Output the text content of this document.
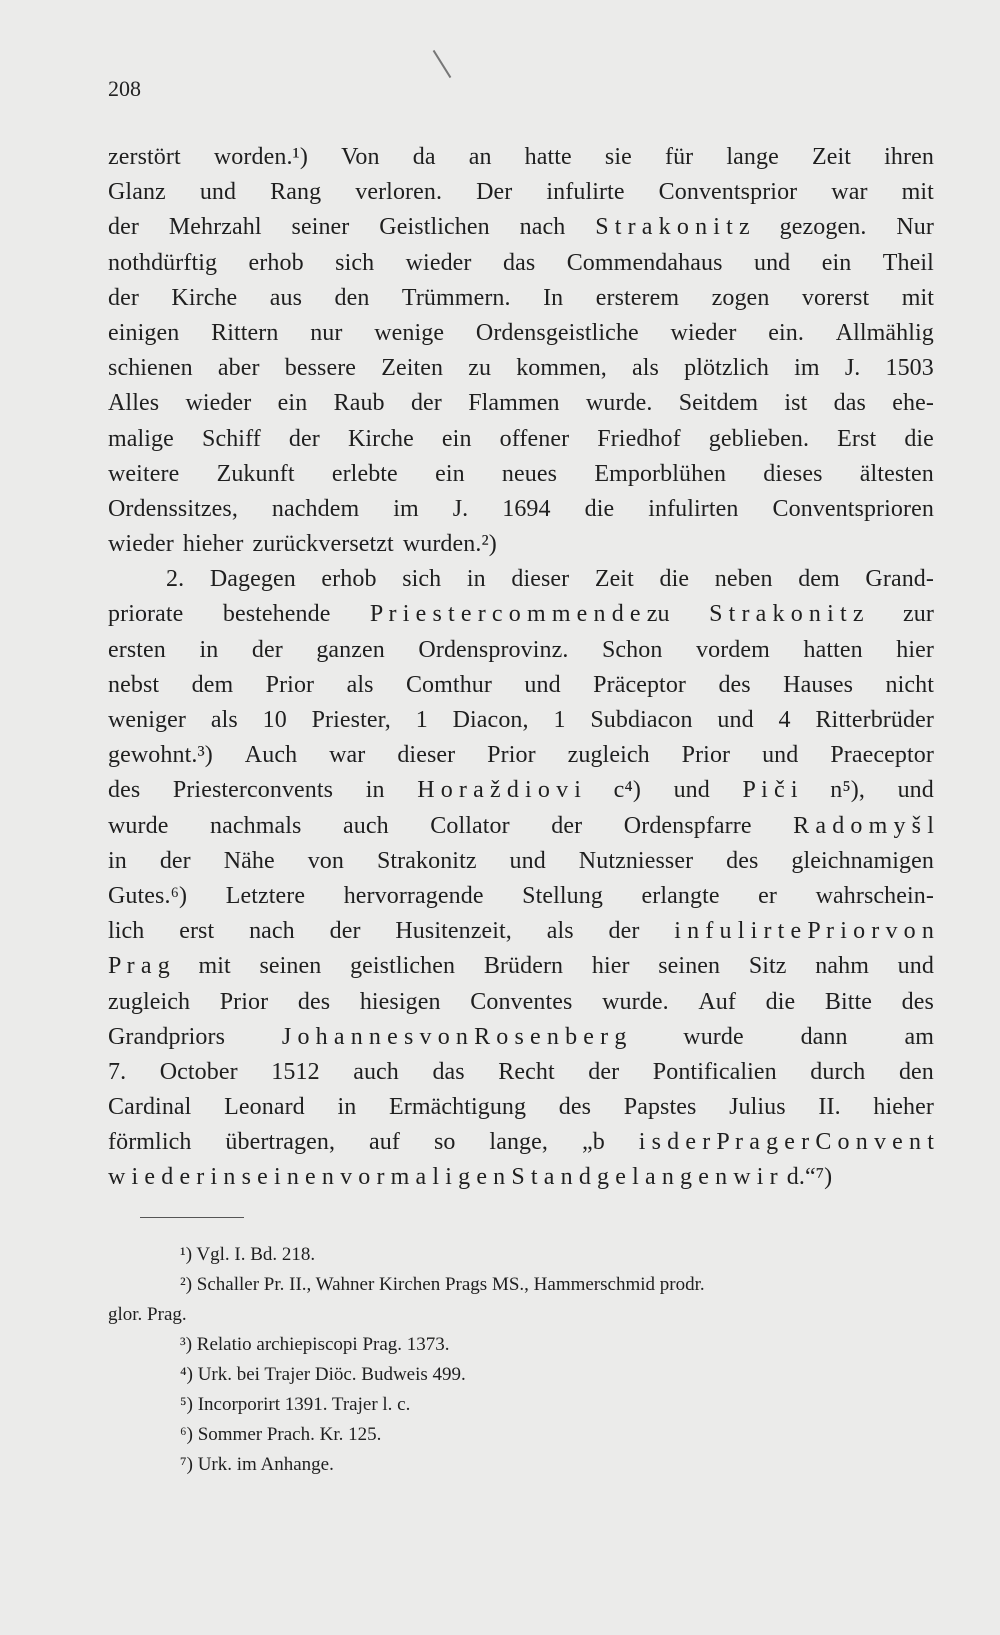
208
zerstört worden.¹) Von da an hatte sie für lange Zeit ihren
Glanz und Rang verloren. Der infulirte Conventsprior war mit
der Mehrzahl seiner Geistlichen nach S t r a k o n i t z gezogen. Nur
nothdürftig erhob sich wieder das Commendahaus und ein Theil
der Kirche aus den Trümmern. In ersterem zogen vorerst mit
einigen Rittern nur wenige Ordensgeistliche wieder ein. Allmählig
schienen aber bessere Zeiten zu kommen, als plötzlich im J. 1503
Alles wieder ein Raub der Flammen wurde. Seitdem ist das ehe-
malige Schiff der Kirche ein offener Friedhof geblieben. Erst die
weitere Zukunft erlebte ein neues Emporblühen dieses ältesten
Ordenssitzes, nachdem im J. 1694 die infulirten Conventsprioren
wieder hieher zurückversetzt wurden.²)
2. Dagegen erhob sich in dieser Zeit die neben dem Grand-
priorate bestehende P r i e s t e r c o m m e n d e zu S t r a k o n i t z zur
ersten in der ganzen Ordensprovinz. Schon vordem hatten hier
nebst dem Prior als Comthur und Präceptor des Hauses nicht
weniger als 10 Priester, 1 Diacon, 1 Subdiacon und 4 Ritterbrüder
gewohnt.³) Auch war dieser Prior zugleich Prior und Praeceptor
des Priesterconvents in H o r a ž d i o v i c⁴) und P i č i n⁵), und
wurde nachmals auch Collator der Ordenspfarre R a d o m y š l
in der Nähe von Strakonitz und Nutzniesser des gleichnamigen
Gutes.⁶) Letztere hervorragende Stellung erlangte er wahrschein-
lich erst nach der Husitenzeit, als der i n f u l i r t e P r i o r v o n
P r a g mit seinen geistlichen Brüdern hier seinen Sitz nahm und
zugleich Prior des hiesigen Conventes wurde. Auf die Bitte des
Grandpriors J o h a n n e s v o n R o s e n b e r g wurde dann am
7. October 1512 auch das Recht der Pontificalien durch den
Cardinal Leonard in Ermächtigung des Papstes Julius II. hieher
förmlich übertragen, auf so lange, „b i s d e r P r a g e r C o n v e n t
w i e d e r i n s e i n e n v o r m a l i g e n S t a n d g e l a n g e n w i r d.“⁷)
¹) Vgl. I. Bd. 218.
²) Schaller Pr. II., Wahner Kirchen Prags MS., Hammerschmid prodr.
glor. Prag.
³) Relatio archiepiscopi Prag. 1373.
⁴) Urk. bei Trajer Diöc. Budweis 499.
⁵) Incorporirt 1391. Trajer l. c.
⁶) Sommer Prach. Kr. 125.
⁷) Urk. im Anhange.
